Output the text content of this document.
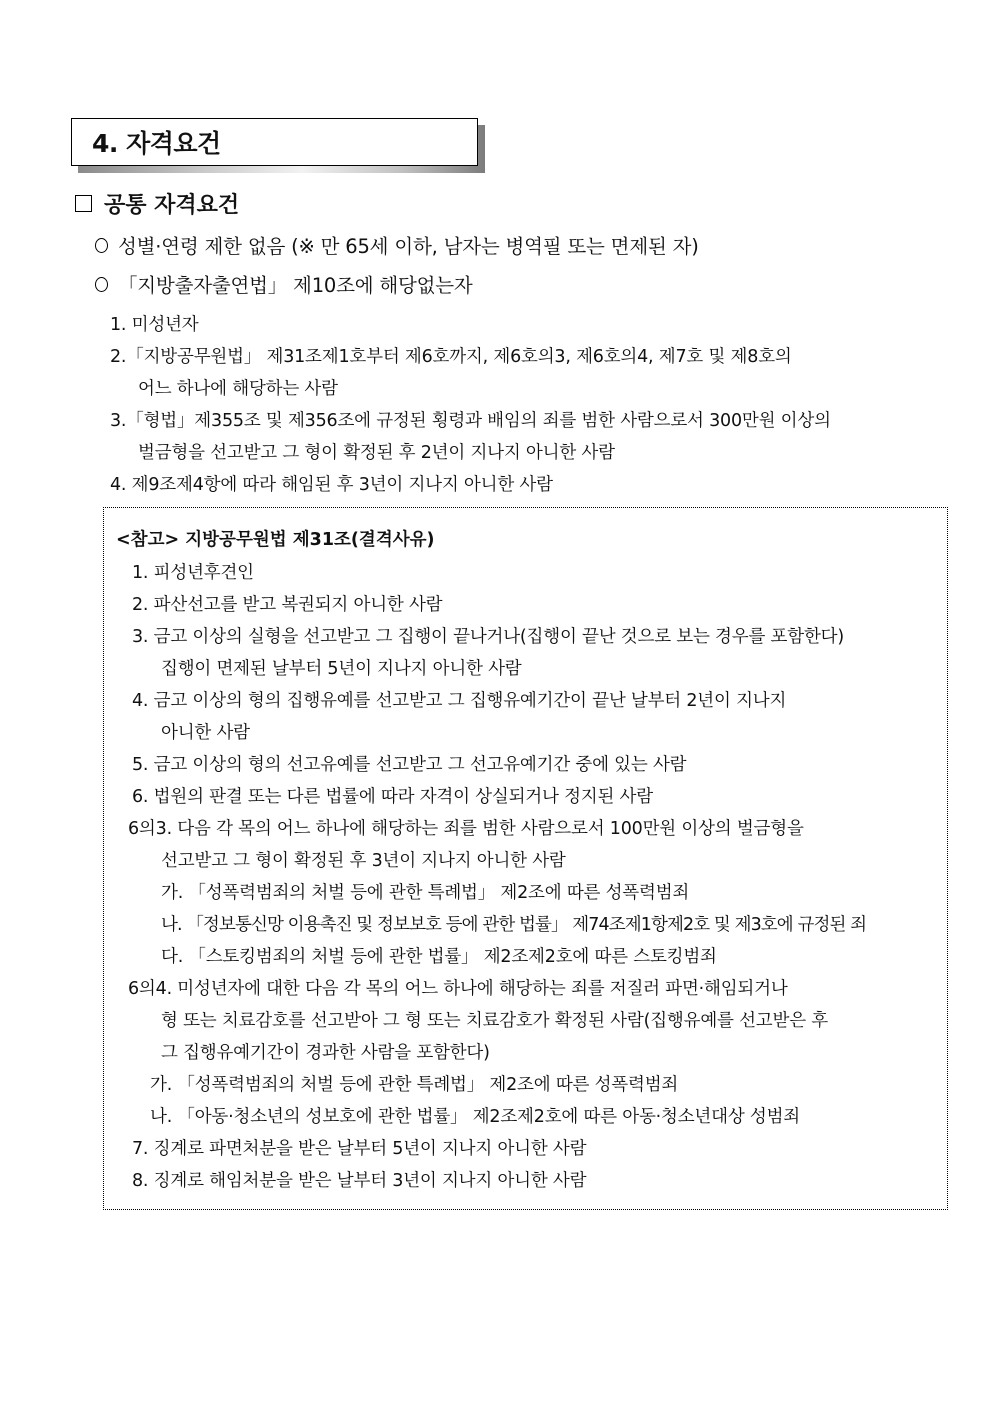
4. 자격요건
공통 자격요건
성별·연령 제한 없음 (※ 만 65세 이하, 남자는 병역필 또는 면제된 자)
「지방출자출연법」 제10조에 해당없는자
1. 미성년자
2.「지방공무원법」 제31조제1호부터 제6호까지, 제6호의3, 제6호의4, 제7호 및 제8호의
어느 하나에 해당하는 사람
3.「형법」제355조 및 제356조에 규정된 횡령과 배임의 죄를 범한 사람으로서 300만원 이상의
벌금형을 선고받고 그 형이 확정된 후 2년이 지나지 아니한 사람
4. 제9조제4항에 따라 해임된 후 3년이 지나지 아니한 사람
<참고> 지방공무원법 제31조(결격사유)
1. 피성년후견인
2. 파산선고를 받고 복권되지 아니한 사람
3. 금고 이상의 실형을 선고받고 그 집행이 끝나거나(집행이 끝난 것으로 보는 경우를 포함한다)
집행이 면제된 날부터 5년이 지나지 아니한 사람
4. 금고 이상의 형의 집행유예를 선고받고 그 집행유예기간이 끝난 날부터 2년이 지나지
아니한 사람
5. 금고 이상의 형의 선고유예를 선고받고 그 선고유예기간 중에 있는 사람
6. 법원의 판결 또는 다른 법률에 따라 자격이 상실되거나 정지된 사람
6의3. 다음 각 목의 어느 하나에 해당하는 죄를 범한 사람으로서 100만원 이상의 벌금형을
선고받고 그 형이 확정된 후 3년이 지나지 아니한 사람
가. 「성폭력범죄의 처벌 등에 관한 특례법」 제2조에 따른 성폭력범죄
나. 「정보통신망 이용촉진 및 정보보호 등에 관한 법률」 제74조제1항제2호 및 제3호에 규정된 죄
다. 「스토킹범죄의 처벌 등에 관한 법률」 제2조제2호에 따른 스토킹범죄
6의4. 미성년자에 대한 다음 각 목의 어느 하나에 해당하는 죄를 저질러 파면·해임되거나
형 또는 치료감호를 선고받아 그 형 또는 치료감호가 확정된 사람(집행유예를 선고받은 후
그 집행유예기간이 경과한 사람을 포함한다)
가. 「성폭력범죄의 처벌 등에 관한 특례법」 제2조에 따른 성폭력범죄
나. 「아동·청소년의 성보호에 관한 법률」 제2조제2호에 따른 아동·청소년대상 성범죄
7. 징계로 파면처분을 받은 날부터 5년이 지나지 아니한 사람
8. 징계로 해임처분을 받은 날부터 3년이 지나지 아니한 사람
